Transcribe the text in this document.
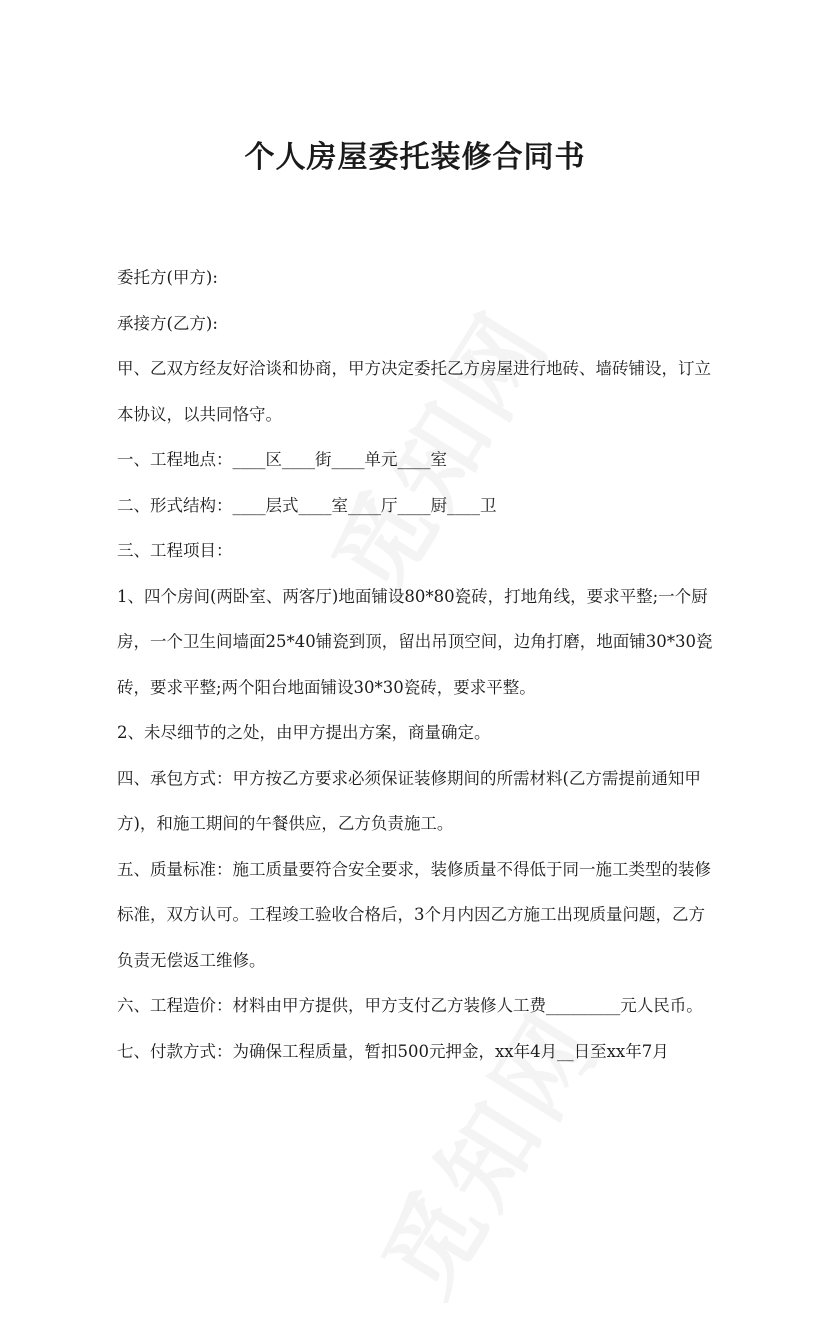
个人房屋委托装修合同书

委托方(甲方):

承接方(乙方):

甲、乙双方经友好洽谈和协商，甲方决定委托乙方房屋进行地砖、墙砖铺设，订立本协议，以共同恪守。

一、工程地点：____区____街____单元____室

二、形式结构：____层式____室____厅____厨____卫

三、工程项目：

1、四个房间(两卧室、两客厅)地面铺设80*80瓷砖，打地角线，要求平整;一个厨房，一个卫生间墙面25*40铺瓷到顶，留出吊顶空间，边角打磨，地面铺30*30瓷砖，要求平整;两个阳台地面铺设30*30瓷砖，要求平整。

2、未尽细节的之处，由甲方提出方案，商量确定。

四、承包方式：甲方按乙方要求必须保证装修期间的所需材料(乙方需提前通知甲方)，和施工期间的午餐供应，乙方负责施工。

五、质量标准：施工质量要符合安全要求，装修质量不得低于同一施工类型的装修标准，双方认可。工程竣工验收合格后，3个月内因乙方施工出现质量问题，乙方负责无偿返工维修。

六、工程造价：材料由甲方提供，甲方支付乙方装修人工费_________元人民币。

七、付款方式：为确保工程质量，暂扣500元押金，xx年4月__日至xx年7月
